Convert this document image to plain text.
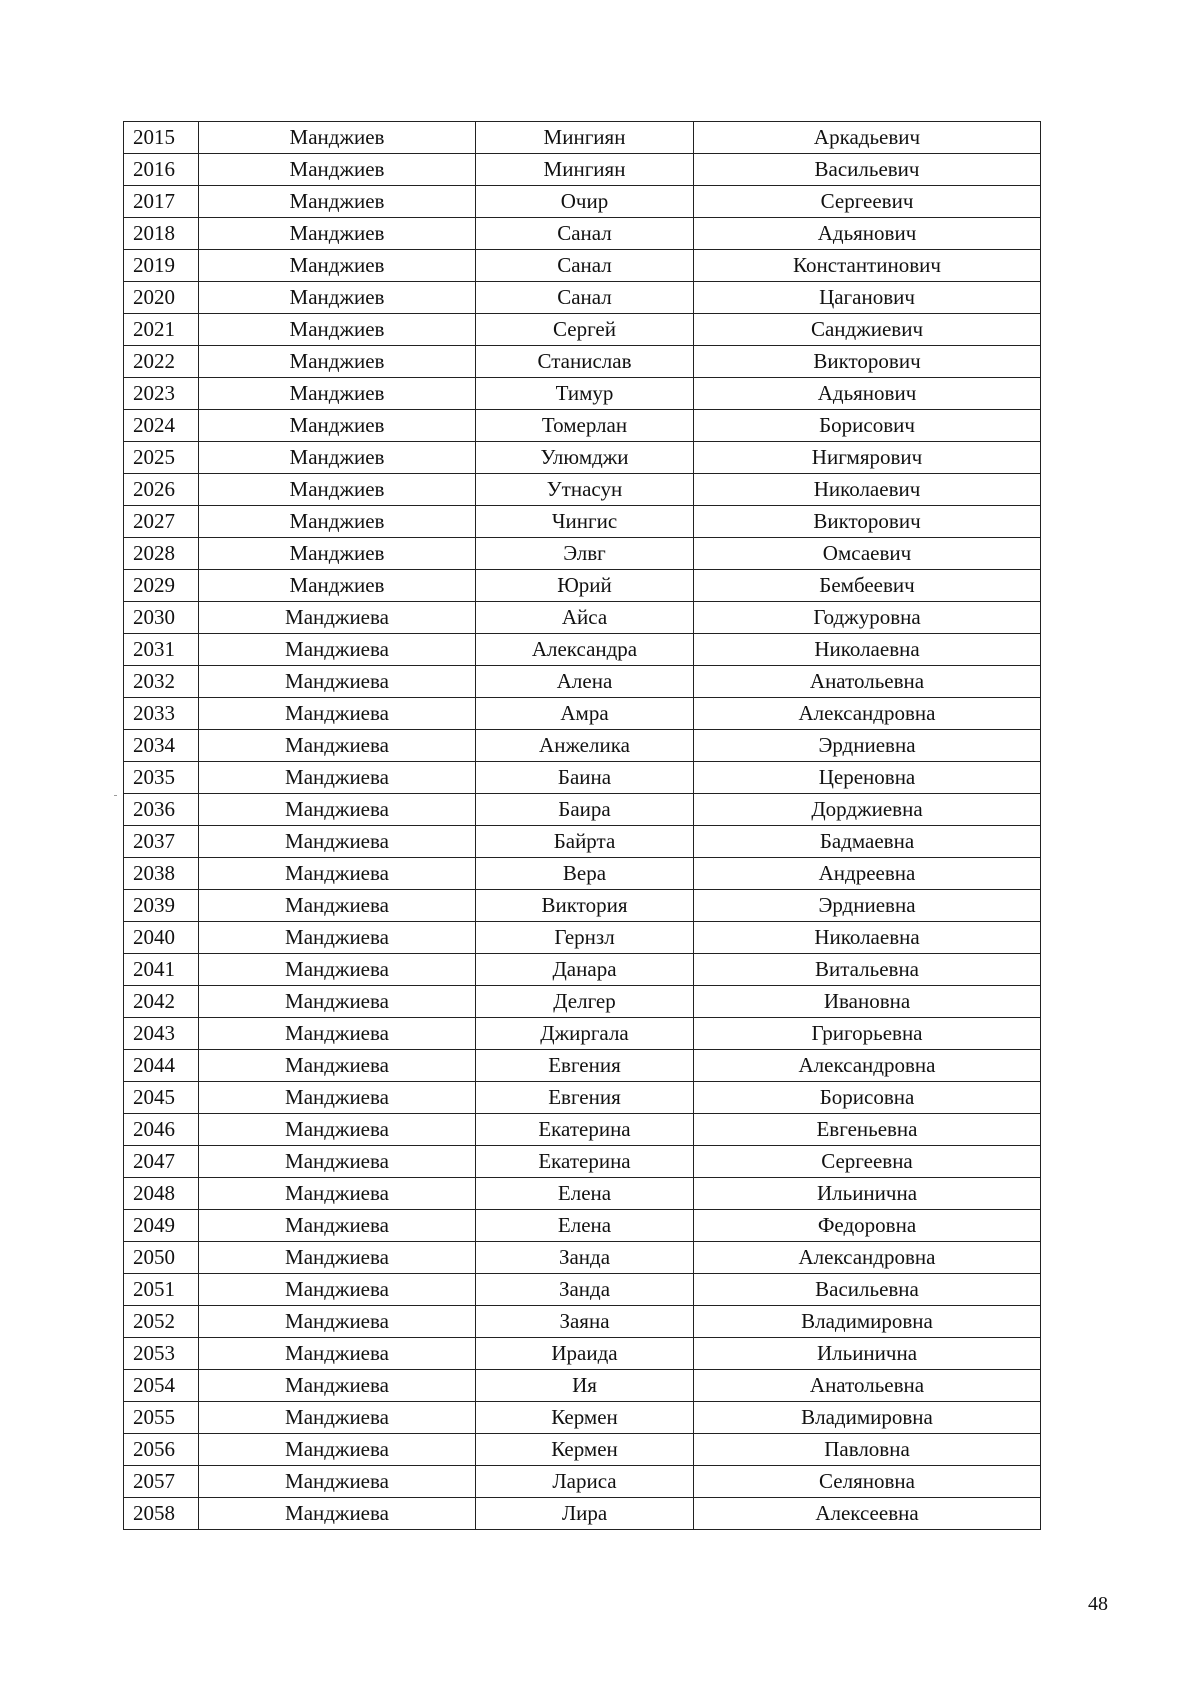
2015	Манджиев	Мингиян	Аркадьевич
2016	Манджиев	Мингиян	Васильевич
2017	Манджиев	Очир	Сергеевич
2018	Манджиев	Санал	Адьянович
2019	Манджиев	Санал	Константинович
2020	Манджиев	Санал	Цаганович
2021	Манджиев	Сергей	Санджиевич
2022	Манджиев	Станислав	Викторович
2023	Манджиев	Тимур	Адьянович
2024	Манджиев	Томерлан	Борисович
2025	Манджиев	Улюмджи	Нигмярович
2026	Манджиев	Утнасун	Николаевич
2027	Манджиев	Чингис	Викторович
2028	Манджиев	Элвг	Омсаевич
2029	Манджиев	Юрий	Бембеевич
2030	Манджиева	Айса	Годжуровна
2031	Манджиева	Александра	Николаевна
2032	Манджиева	Алена	Анатольевна
2033	Манджиева	Амра	Александровна
2034	Манджиева	Анжелика	Эрдниевна
2035	Манджиева	Баина	Цереновна
2036	Манджиева	Баира	Дорджиевна
2037	Манджиева	Байрта	Бадмаевна
2038	Манджиева	Вера	Андреевна
2039	Манджиева	Виктория	Эрдниевна
2040	Манджиева	Гернзл	Николаевна
2041	Манджиева	Данара	Витальевна
2042	Манджиева	Делгер	Ивановна
2043	Манджиева	Джиргала	Григорьевна
2044	Манджиева	Евгения	Александровна
2045	Манджиева	Евгения	Борисовна
2046	Манджиева	Екатерина	Евгеньевна
2047	Манджиева	Екатерина	Сергеевна
2048	Манджиева	Елена	Ильинична
2049	Манджиева	Елена	Федоровна
2050	Манджиева	Занда	Александровна
2051	Манджиева	Занда	Васильевна
2052	Манджиева	Заяна	Владимировна
2053	Манджиева	Ираида	Ильинична
2054	Манджиева	Ия	Анатольевна
2055	Манджиева	Кермен	Владимировна
2056	Манджиева	Кермен	Павловна
2057	Манджиева	Лариса	Селяновна
2058	Манджиева	Лира	Алексеевна
48
